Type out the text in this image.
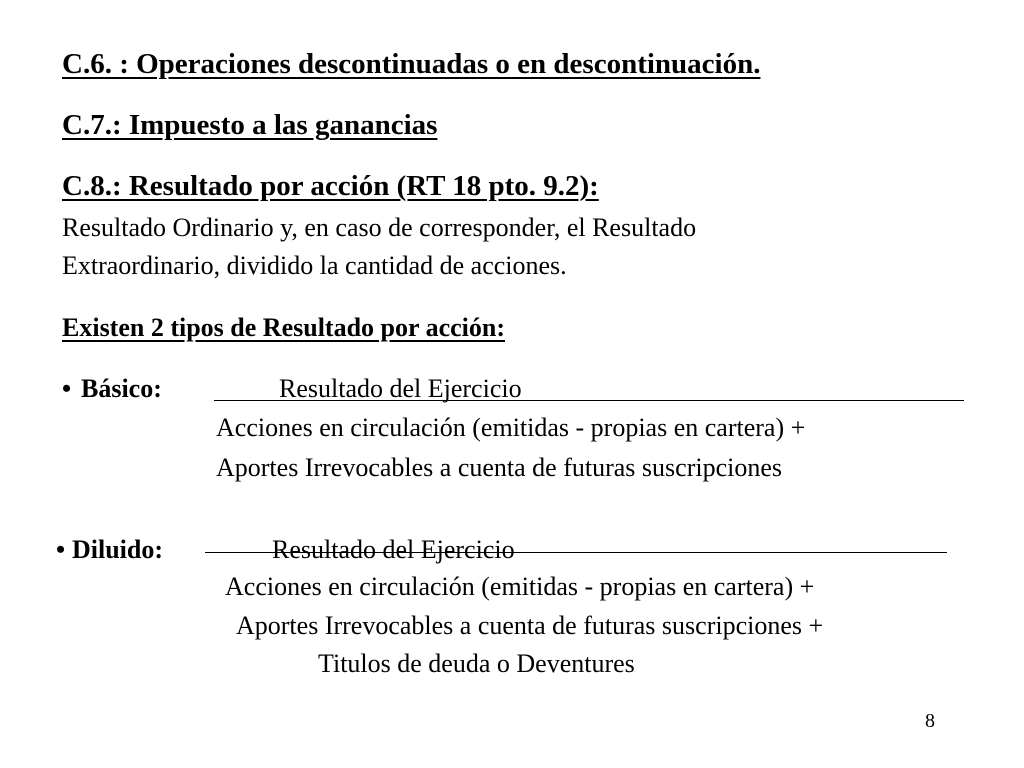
C.6. : Operaciones descontinuadas o en descontinuación.
C.7.: Impuesto a las ganancias
C.8.: Resultado por acción (RT 18 pto. 9.2):
Resultado Ordinario y, en caso de corresponder, el Resultado
Extraordinario, dividido la cantidad de acciones.
Existen 2 tipos de Resultado por acción:
• Básico:	Resultado del Ejercicio
Acciones en circulación (emitidas - propias en cartera) +
Aportes Irrevocables a cuenta de futuras suscripciones
• Diluido:	Resultado del Ejercicio
Acciones en circulación (emitidas - propias en cartera) +
Aportes Irrevocables a cuenta de futuras suscripciones +
Titulos de deuda o Deventures
8
